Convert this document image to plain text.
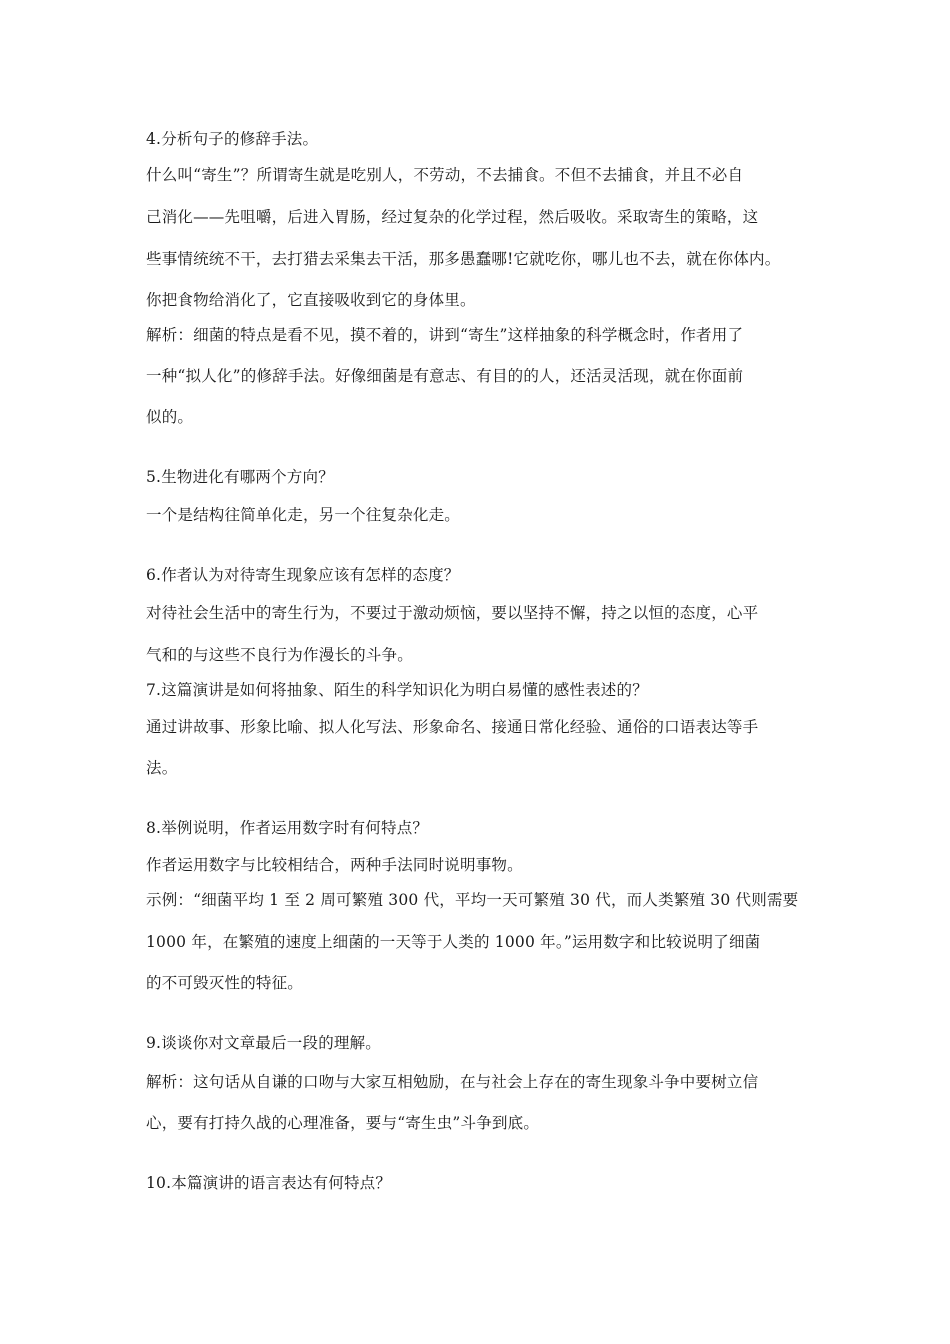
4.分析句子的修辞手法。
什么叫“寄生”？所谓寄生就是吃别人，不劳动，不去捕食。不但不去捕食，并且不必自
己消化——先咀嚼，后进入胃肠，经过复杂的化学过程，然后吸收。采取寄生的策略，这
些事情统统不干，去打猎去采集去干活，那多愚蠢哪!它就吃你，哪儿也不去，就在你体内。
你把食物给消化了，它直接吸收到它的身体里。
解析：细菌的特点是看不见，摸不着的，讲到“寄生”这样抽象的科学概念时，作者用了
一种“拟人化”的修辞手法。好像细菌是有意志、有目的的人，还活灵活现，就在你面前
似的。
5.生物进化有哪两个方向？
一个是结构往简单化走，另一个往复杂化走。
6.作者认为对待寄生现象应该有怎样的态度？
对待社会生活中的寄生行为，不要过于激动烦恼，要以坚持不懈，持之以恒的态度，心平
气和的与这些不良行为作漫长的斗争。
7.这篇演讲是如何将抽象、陌生的科学知识化为明白易懂的感性表述的？
通过讲故事、形象比喻、拟人化写法、形象命名、接通日常化经验、通俗的口语表达等手
法。
8.举例说明，作者运用数字时有何特点？
作者运用数字与比较相结合，两种手法同时说明事物。
示例：“细菌平均 1 至 2 周可繁殖 300 代，平均一天可繁殖 30 代，而人类繁殖 30 代则需要
1000 年，在繁殖的速度上细菌的一天等于人类的 1000 年。”运用数字和比较说明了细菌
的不可毁灭性的特征。
9.谈谈你对文章最后一段的理解。
解析：这句话从自谦的口吻与大家互相勉励，在与社会上存在的寄生现象斗争中要树立信
心，要有打持久战的心理准备，要与“寄生虫”斗争到底。
10.本篇演讲的语言表达有何特点？
